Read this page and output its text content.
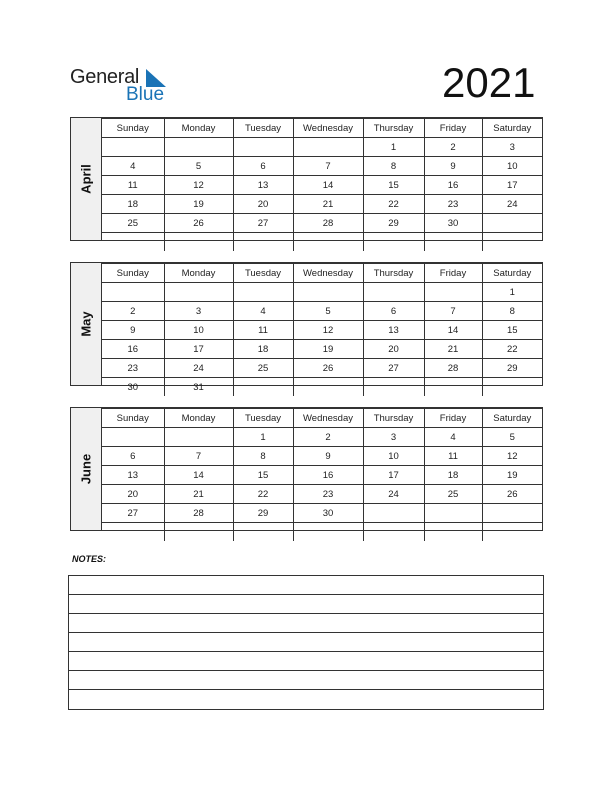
General
Blue	2021
April
Sunday	Monday	Tuesday	Wednesday	Thursday	Friday	Saturday
				1	2	3
4	5	6	7	8	9	10
11	12	13	14	15	16	17
18	19	20	21	22	23	24
25	26	27	28	29	30	

May
Sunday	Monday	Tuesday	Wednesday	Thursday	Friday	Saturday
						1
2	3	4	5	6	7	8
9	10	11	12	13	14	15
16	17	18	19	20	21	22
23	24	25	26	27	28	29
30	31					
June
Sunday	Monday	Tuesday	Wednesday	Thursday	Friday	Saturday
		1	2	3	4	5
6	7	8	9	10	11	12
13	14	15	16	17	18	19
20	21	22	23	24	25	26
27	28	29	30			

NOTES:
